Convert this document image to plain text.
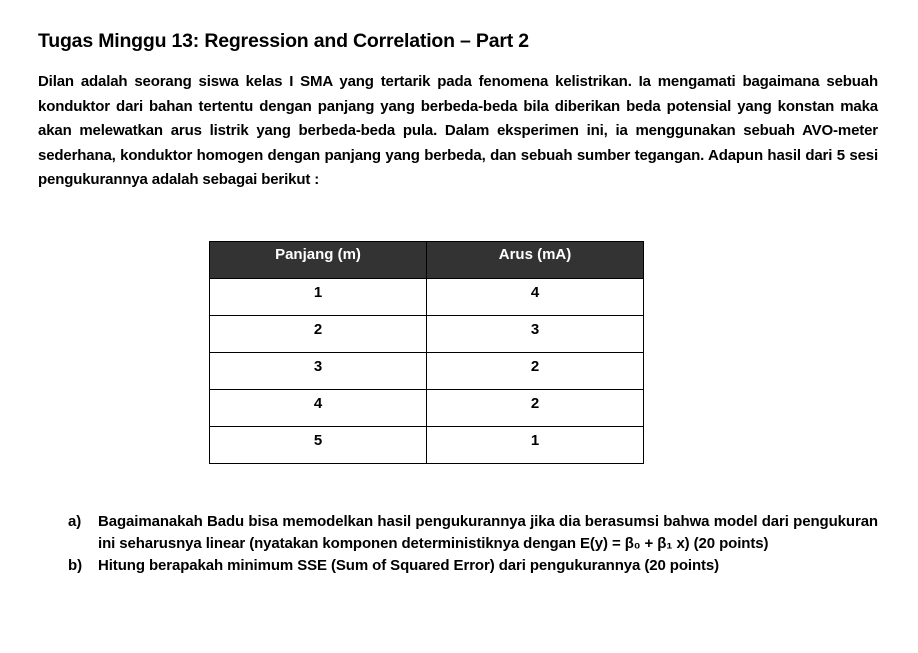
Tugas Minggu 13: Regression and Correlation – Part 2
Dilan adalah seorang siswa kelas I SMA yang tertarik pada fenomena kelistrikan. Ia mengamati bagaimana sebuah konduktor dari bahan tertentu dengan panjang yang berbeda-beda bila diberikan beda potensial yang konstan maka akan melewatkan arus listrik yang berbeda-beda pula. Dalam eksperimen ini, ia menggunakan sebuah AVO-meter sederhana, konduktor homogen dengan panjang yang berbeda, dan sebuah sumber tegangan. Adapun hasil dari 5 sesi pengukurannya adalah sebagai berikut :
Panjang (m)	Arus (mA)
1	4
2	3
3	2
4	2
5	1
a) Bagaimanakah Badu bisa memodelkan hasil pengukurannya jika dia berasumsi bahwa model dari pengukuran ini seharusnya linear (nyatakan komponen deterministiknya dengan E(y) = β₀ + β₁ x) (20 points)
b) Hitung berapakah minimum SSE (Sum of Squared Error) dari pengukurannya (20 points)
